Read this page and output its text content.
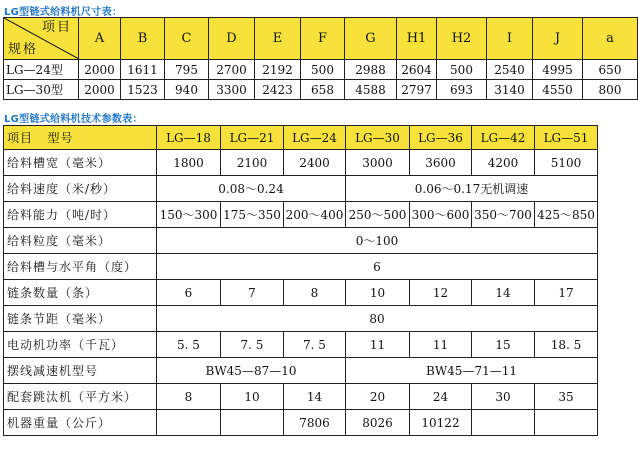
LG型链式给料机尺寸表：
项目
规格	A	B	C	D	E	F	G	H1	H2	I	J	a
LG—24型	2000	1611	795	2700	2192	500	2988	2604	500	2540	4995	650
LG—30型	2000	1523	940	3300	2423	658	4588	2797	693	3140	4550	800
LG型链式给料机技术参数表：
项目   型号	LG—18	LG—21	LG—24	LG—30	LG—36	LG—42	LG—51
给料槽宽（毫米）	1800	2100	2400	3000	3600	4200	5100
给料速度（米/秒）	0.08～0.24			0.06～0.17无机调速			
给料能力（吨/时）	150～300	175～350	200～400	250～500	300～600	350～700	425～850
给料粒度（毫米）	0～100						
给料槽与水平角（度）	6						
链条数量（条）	6	7	8	10	12	14	17
链条节距（毫米）	80						
电动机功率（千瓦）	5. 5	7. 5	7. 5	11	11	15	18. 5
摆线减速机型号	BW45—87—10			BW45—71—11			
配套跳汰机（平方米）	8	10	14	20	24	30	35
机器重量（公斤）			7806	8026	10122		
